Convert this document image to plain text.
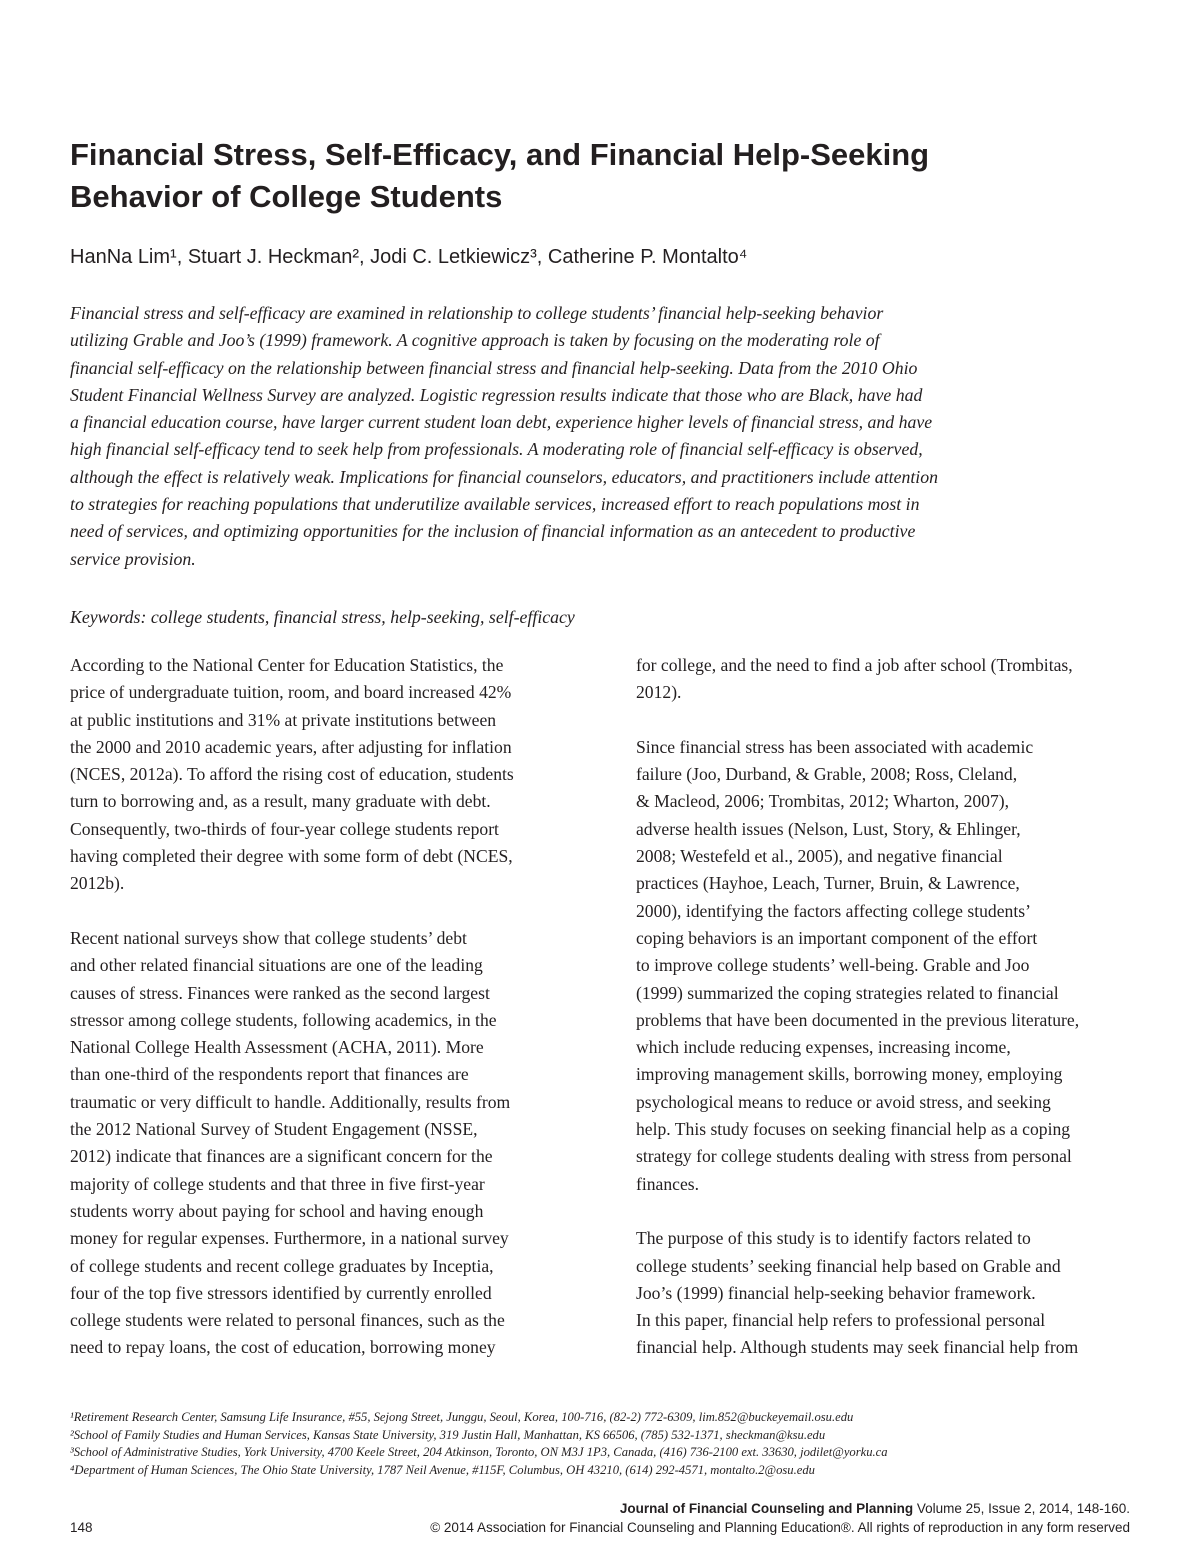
Financial Stress, Self-Efficacy, and Financial Help-Seeking
Behavior of College Students
HanNa Lim¹, Stuart J. Heckman², Jodi C. Letkiewicz³, Catherine P. Montalto⁴
Financial stress and self-efficacy are examined in relationship to college students’ financial help-seeking behavior
utilizing Grable and Joo’s (1999) framework. A cognitive approach is taken by focusing on the moderating role of
financial self-efficacy on the relationship between financial stress and financial help-seeking. Data from the 2010 Ohio
Student Financial Wellness Survey are analyzed. Logistic regression results indicate that those who are Black, have had
a financial education course, have larger current student loan debt, experience higher levels of financial stress, and have
high financial self-efficacy tend to seek help from professionals. A moderating role of financial self-efficacy is observed,
although the effect is relatively weak. Implications for financial counselors, educators, and practitioners include attention
to strategies for reaching populations that underutilize available services, increased effort to reach populations most in
need of services, and optimizing opportunities for the inclusion of financial information as an antecedent to productive
service provision.
Keywords: college students, financial stress, help-seeking, self-efficacy
According to the National Center for Education Statistics, the
price of undergraduate tuition, room, and board increased 42%
at public institutions and 31% at private institutions between
the 2000 and 2010 academic years, after adjusting for inflation
(NCES, 2012a). To afford the rising cost of education, students
turn to borrowing and, as a result, many graduate with debt.
Consequently, two-thirds of four-year college students report
having completed their degree with some form of debt (NCES,
2012b).
Recent national surveys show that college students’ debt
and other related financial situations are one of the leading
causes of stress. Finances were ranked as the second largest
stressor among college students, following academics, in the
National College Health Assessment (ACHA, 2011). More
than one-third of the respondents report that finances are
traumatic or very difficult to handle. Additionally, results from
the 2012 National Survey of Student Engagement (NSSE,
2012) indicate that finances are a significant concern for the
majority of college students and that three in five first-year
students worry about paying for school and having enough
money for regular expenses. Furthermore, in a national survey
of college students and recent college graduates by Inceptia,
four of the top five stressors identified by currently enrolled
college students were related to personal finances, such as the
need to repay loans, the cost of education, borrowing money
for college, and the need to find a job after school (Trombitas,
2012).
Since financial stress has been associated with academic
failure (Joo, Durband, & Grable, 2008; Ross, Cleland,
& Macleod, 2006; Trombitas, 2012; Wharton, 2007),
adverse health issues (Nelson, Lust, Story, & Ehlinger,
2008; Westefeld et al., 2005), and negative financial
practices (Hayhoe, Leach, Turner, Bruin, & Lawrence,
2000), identifying the factors affecting college students’
coping behaviors is an important component of the effort
to improve college students’ well-being. Grable and Joo
(1999) summarized the coping strategies related to financial
problems that have been documented in the previous literature,
which include reducing expenses, increasing income,
improving management skills, borrowing money, employing
psychological means to reduce or avoid stress, and seeking
help. This study focuses on seeking financial help as a coping
strategy for college students dealing with stress from personal
finances.
The purpose of this study is to identify factors related to
college students’ seeking financial help based on Grable and
Joo’s (1999) financial help-seeking behavior framework.
In this paper, financial help refers to professional personal
financial help. Although students may seek financial help from
¹Retirement Research Center, Samsung Life Insurance, #55, Sejong Street, Junggu, Seoul, Korea, 100-716, (82-2) 772-6309, lim.852@buckeyemail.osu.edu
²School of Family Studies and Human Services, Kansas State University, 319 Justin Hall, Manhattan, KS 66506, (785) 532-1371, sheckman@ksu.edu
³School of Administrative Studies, York University, 4700 Keele Street, 204 Atkinson, Toronto, ON M3J 1P3, Canada, (416) 736-2100 ext. 33630, jodilet@yorku.ca
⁴Department of Human Sciences, The Ohio State University, 1787 Neil Avenue, #115F, Columbus, OH 43210, (614) 292-4571, montalto.2@osu.edu
Journal of Financial Counseling and Planning Volume 25, Issue 2, 2014, 148-160.
148	© 2014 Association for Financial Counseling and Planning Education®. All rights of reproduction in any form reserved
